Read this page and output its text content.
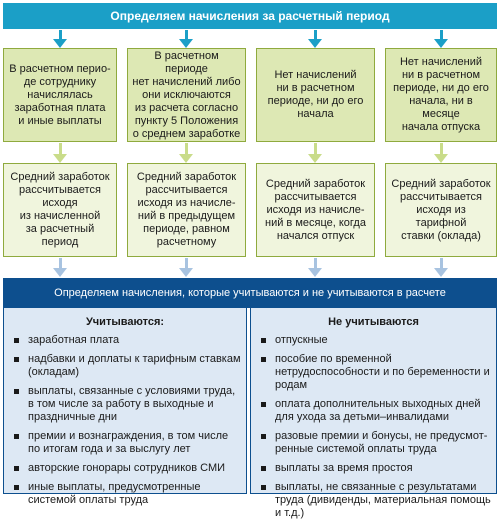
Определяем начисления за расчетный период
В расчетном перио-
де сотруднику
начислялась
заработная плата
и иные выплаты
В расчетном периоде
нет начислений либо
они исключаются
из расчета согласно
пункту 5 Положения
о среднем заработке
Нет начислений
ни в расчетном
периоде, ни до его
начала
Нет начислений
ни в расчетном
периоде, ни до его
начала, ни в месяце
начала отпуска
Средний заработок
рассчитывается
исходя
из начисленной
за расчетный
период
Средний заработок
рассчитывается
исходя из начисле-
ний в предыдущем
периоде, равном
расчетному
Средний заработок
рассчитывается
исходя из начисле-
ний в месяце, когда
начался отпуск
Средний заработок
рассчитывается
исходя из тарифной
ставки (оклада)
Определяем начисления, которые учитываются и не учитываются в расчете
Учитываются:
заработная плата
надбавки и доплаты к тарифным ставкам (окладам)
выплаты, связанные с условиями труда, в том числе за работу в выходные и праздничные дни
премии и вознаграждения, в том числе по итогам года и за выслугу лет
авторские гонорары сотрудников СМИ
иные выплаты, предусмотренные системой оплаты труда
Не учитываются
отпускные
пособие по временной нетрудоспособности и по беременности и родам
оплата дополнительных выходных дней для ухода за детьми–инвалидами
разовые премии и бонусы, не предусмот-ренные системой оплаты труда
выплаты за время простоя
выплаты, не связанные с результатами труда (дивиденды, материальная помощь и т.д.)
